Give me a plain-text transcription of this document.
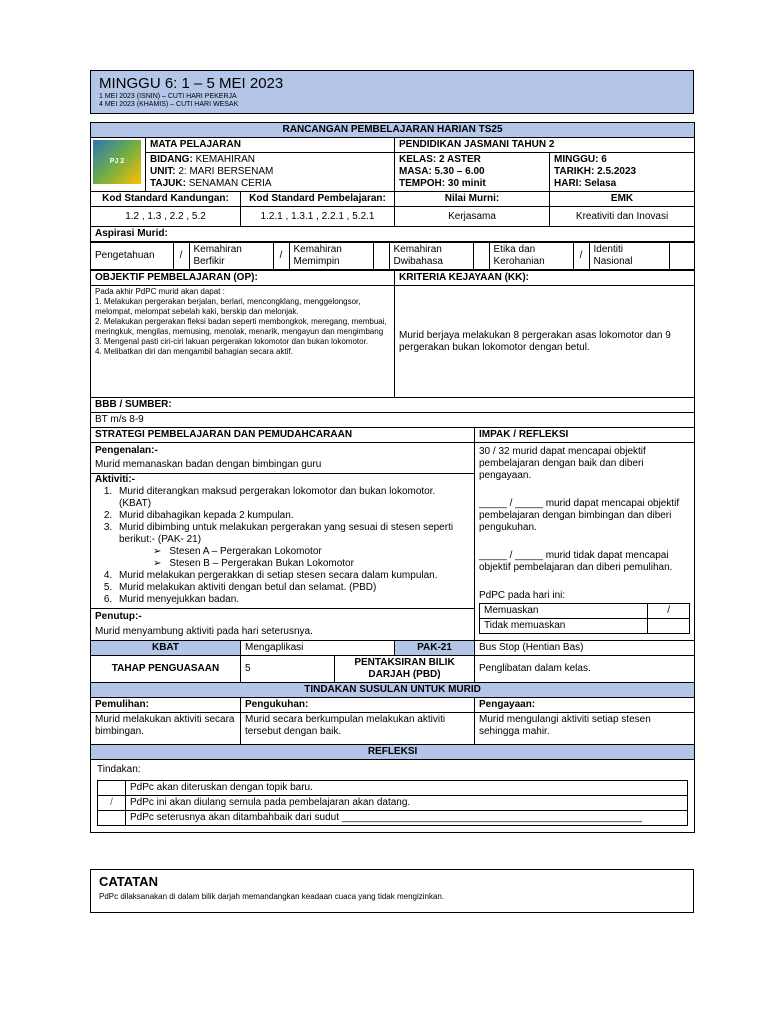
MINGGU 6: 1 – 5 MEI 2023
1 MEI 2023 (ISNIN) – CUTI HARI PEKERJA
4 MEI 2023 (KHAMIS) – CUTI HARI WESAK
RANCANGAN PEMBELAJARAN HARIAN TS25

PJ 2
	MATA PELAJARAN	PENDIDIKAN JASMANI TAHUN 2

BIDANG: KEMAHIRAN
UNIT: 2: MARI BERSENAM
TAJUK: SENAMAN CERIA

KELAS: 2 ASTER
MASA: 5.30 – 6.00
TEMPOH: 30 minit

MINGGU: 6
TARIKH: 2.5.2023
HARI: Selasa

Kod Standard Kandungan:	Kod Standard Pembelajaran:	Nilai Murni:	EMK
1.2 , 1.3 , 2.2 , 5.2	1.2.1 , 1.3.1 , 2.2.1 , 5.2.1	Kerjasama	Kreativiti dan Inovasi
Aspirasi Murid:

Pengetahuan	/	Kemahiran Berfikir	/	Kemahiran Memimpin		Kemahiran Dwibahasa		Etika dan Kerohanian	/	Identiti Nasional	

OBJEKTIF PEMBELAJARAN (OP):	KRITERIA KEJAYAAN (KK):

Pada akhir PdPC murid akan dapat :
1. Melakukan pergerakan berjalan, berlari, mencongklang, menggelongsor, melompat, melompat sebelah kaki, berskip dan melonjak.
2. Melakukan pergerakan fleksi badan seperti membongkok, meregang, membuai, meringkuk, mengilas, memusing, menolak, menarik, mengayun dan mengimbang
3. Mengenal pasti ciri-ciri lakuan pergerakan lokomotor dan bukan lokomotor.
4. Melibatkan diri dan mengambil bahagian secara aktif.
	Murid berjaya melakukan 8 pergerakan asas lokomotor dan 9 pergerakan bukan lokomotor dengan betul.
BBB / SUMBER:
BT m/s 8-9
STRATEGI PEMBELAJARAN DAN PEMUDAHCARAAN	IMPAK / REFLEKSI

Pengenalan:-
Murid memanaskan badan dengan bimbingan guru
Aktiviti:-
1. Murid diterangkan maksud pergerakan lokomotor dan bukan lokomotor. (KBAT)
2. Murid dibahagikan kepada 2 kumpulan.
3. Murid dibimbing untuk melakukan pergerakan yang sesuai di stesen seperti berikut:- (PAK- 21)
➢ Stesen A – Pergerakan Lokomotor
➢ Stesen B – Pergerakan Bukan Lokomotor
4. Murid melakukan pergerakkan di setiap stesen secara dalam kumpulan.
5. Murid melakukan aktiviti dengan betul dan selamat. (PBD)
6. Murid menyejukkan badan.
Penutup:-
Murid menyambung aktiviti pada hari seterusnya.

30 / 32 murid dapat mencapai objektif pembelajaran dengan baik dan diberi pengayaan.
_____ / _____ murid dapat mencapai objektif pembelajaran dengan bimbingan dan diberi pengukuhan.
_____ / _____ murid tidak dapat mencapai objektif pembelajaran dan diberi pemulihan.
PdPC pada hari ini:
Memuaskan	/
Tidak memuaskan	

KBAT	Mengaplikasi	PAK-21	Bus Stop (Hentian Bas)
TAHAP PENGUASAAN	5	PENTAKSIRAN BILIK DARJAH (PBD)	Penglibatan dalam kelas.
TINDAKAN SUSULAN UNTUK MURID
Pemulihan:	Pengukuhan:	Pengayaan:
Murid melakukan aktiviti secara bimbingan.	Murid secara berkumpulan melakukan aktiviti tersebut dengan baik.	Murid mengulangi aktiviti setiap stesen sehingga mahir.
REFLEKSI

Tindakan:
	PdPc akan diteruskan dengan topik baru.
/	PdPc ini akan diulang semula pada pembelajaran akan datang.
	PdPc seterusnya akan ditambahbaik dari sudut ______________________________________________________
CATATAN
PdPc dilaksanakan di dalam bilik darjah memandangkan keadaan cuaca yang tidak mengizinkan.
